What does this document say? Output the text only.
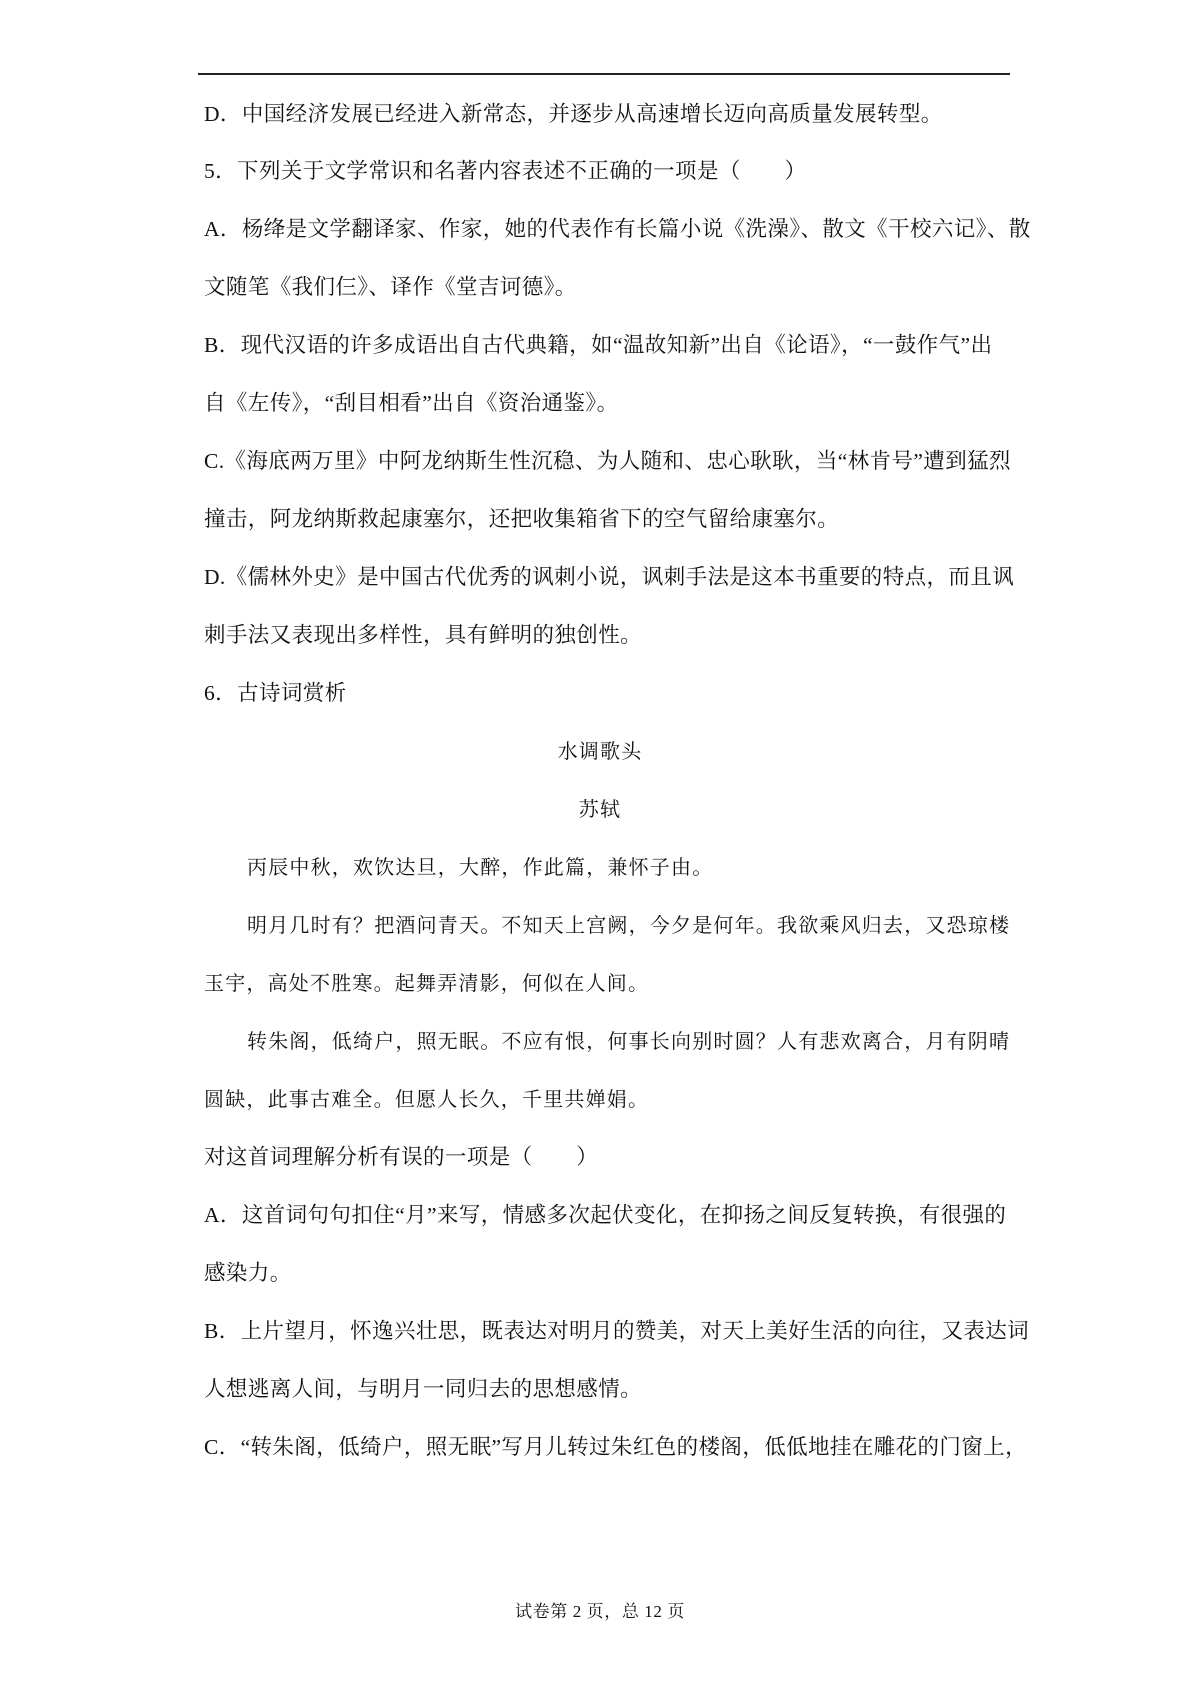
D．中国经济发展已经进入新常态，并逐步从高速增长迈向高质量发展转型。
5．下列关于文学常识和名著内容表述不正确的一项是（　　）
A．杨绛是文学翻译家、作家，她的代表作有长篇小说《洗澡》、散文《干校六记》、散
文随笔《我们仨》、译作《堂吉诃德》。
B．现代汉语的许多成语出自古代典籍，如“温故知新”出自《论语》，“一鼓作气”出
自《左传》，“刮目相看”出自《资治通鉴》。
C.《海底两万里》中阿龙纳斯生性沉稳、为人随和、忠心耿耿，当“林肯号”遭到猛烈
撞击，阿龙纳斯救起康塞尔，还把收集箱省下的空气留给康塞尔。
D.《儒林外史》是中国古代优秀的讽刺小说，讽刺手法是这本书重要的特点，而且讽
刺手法又表现出多样性，具有鲜明的独创性。
6．古诗词赏析
水调歌头
苏轼
丙辰中秋，欢饮达旦，大醉，作此篇，兼怀子由。
明月几时有？把酒问青天。不知天上宫阙，今夕是何年。我欲乘风归去，又恐琼楼
玉宇，高处不胜寒。起舞弄清影，何似在人间。
转朱阁，低绮户，照无眠。不应有恨，何事长向别时圆？人有悲欢离合，月有阴晴
圆缺，此事古难全。但愿人长久，千里共婵娟。
对这首词理解分析有误的一项是（　　）
A．这首词句句扣住“月”来写，情感多次起伏变化，在抑扬之间反复转换，有很强的
感染力。
B．上片望月，怀逸兴壮思，既表达对明月的赞美，对天上美好生活的向往，又表达词
人想逃离人间，与明月一同归去的思想感情。
C．“转朱阁，低绮户，照无眠”写月儿转过朱红色的楼阁，低低地挂在雕花的门窗上，
试卷第 2 页，总 12 页
